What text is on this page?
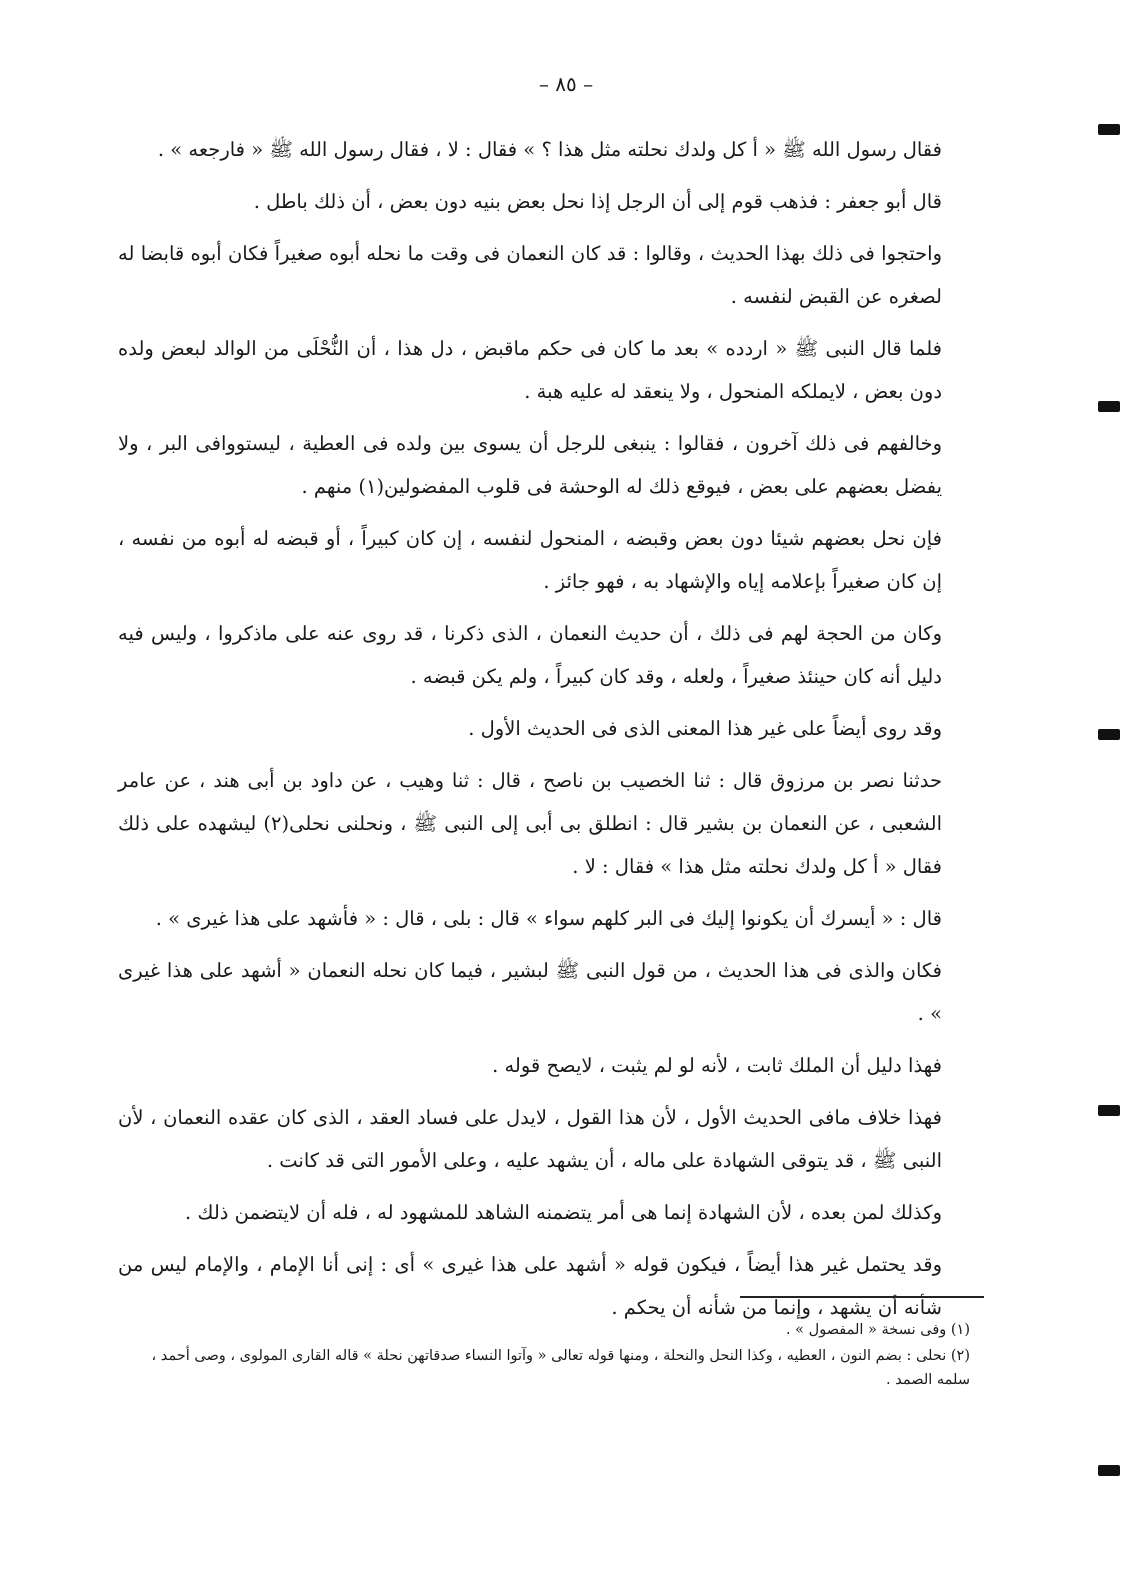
– ٨٥ –

فقال رسول الله ﷺ « أ كل ولدك نحلته مثل هذا ؟ » فقال : لا ، فقال رسول الله ﷺ « فارجعه » .

قال أبو جعفر : فذهب قوم إلى أن الرجل إذا نحل بعض بنيه دون بعض ، أن ذلك باطل .

واحتجوا فى ذلك بهذا الحديث ، وقالوا : قد كان النعمان فى وقت ما نحله أبوه صغيراً فكان أبوه قابضا له لصغره عن القبض لنفسه .

فلما قال النبى ﷺ « اردده » بعد ما كان فى حكم ماقبض ، دل هذا ، أن النُّحْلَى من الوالد لبعض ولده دون بعض ، لايملكه المنحول ، ولا ينعقد له عليه هبة .

وخالفهم فى ذلك آخرون ، فقالوا : ينبغى للرجل أن يسوى بين ولده فى العطية ، ليستووافى البر ، ولا يفضل بعضهم على بعض ، فيوقع ذلك له الوحشة فى قلوب المفضولين(١) منهم .

فإن نحل بعضهم شيئا دون بعض وقبضه ، المنحول لنفسه ، إن كان كبيراً ، أو قبضه له أبوه من نفسه ، إن كان صغيراً بإعلامه إياه والإشهاد به ، فهو جائز .

وكان من الحجة لهم فى ذلك ، أن حديث النعمان ، الذى ذكرنا ، قد روى عنه على ماذكروا ، وليس فيه دليل أنه كان حينئذ صغيراً ، ولعله ، وقد كان كبيراً ، ولم يكن قبضه .

وقد روى أيضاً على غير هذا المعنى الذى فى الحديث الأول .

حدثنا نصر بن مرزوق قال : ثنا الخصيب بن ناصح ، قال : ثنا وهيب ، عن داود بن أبى هند ، عن عامر الشعبى ، عن النعمان بن بشير قال : انطلق بى أبى إلى النبى ﷺ ، ونحلنى نحلى(٢) ليشهده على ذلك فقال « أ كل ولدك نحلته مثل هذا » فقال : لا .

قال : « أيسرك أن يكونوا إليك فى البر كلهم سواء » قال : بلى ، قال : « فأشهد على هذا غيرى » .

فكان والذى فى هذا الحديث ، من قول النبى ﷺ لبشير ، فيما كان نحله النعمان « أشهد على هذا غيرى » .

فهذا دليل أن الملك ثابت ، لأنه لو لم يثبت ، لايصح قوله .

فهذا خلاف مافى الحديث الأول ، لأن هذا القول ، لايدل على فساد العقد ، الذى كان عقده النعمان ، لأن النبى ﷺ ، قد يتوقى الشهادة على ماله ، أن يشهد عليه ، وعلى الأمور التى قد كانت .

وكذلك لمن بعده ، لأن الشهادة إنما هى أمر يتضمنه الشاهد للمشهود له ، فله أن لايتضمن ذلك .

وقد يحتمل غير هذا أيضاً ، فيكون قوله « أشهد على هذا غيرى » أى : إنى أنا الإمام ، والإمام ليس من شأنه أن يشهد ، وإنما من شأنه أن يحكم .

(١) وفى نسخة « المفصول » .

(٢) نحلى : بضم النون ، العطيه ، وكذا النحل والنحلة ، ومنها قوله تعالى « وآتوا النساء صدقاتهن نحلة » قاله القارى المولوى ، وصى أحمد ، سلمه الصمد .
